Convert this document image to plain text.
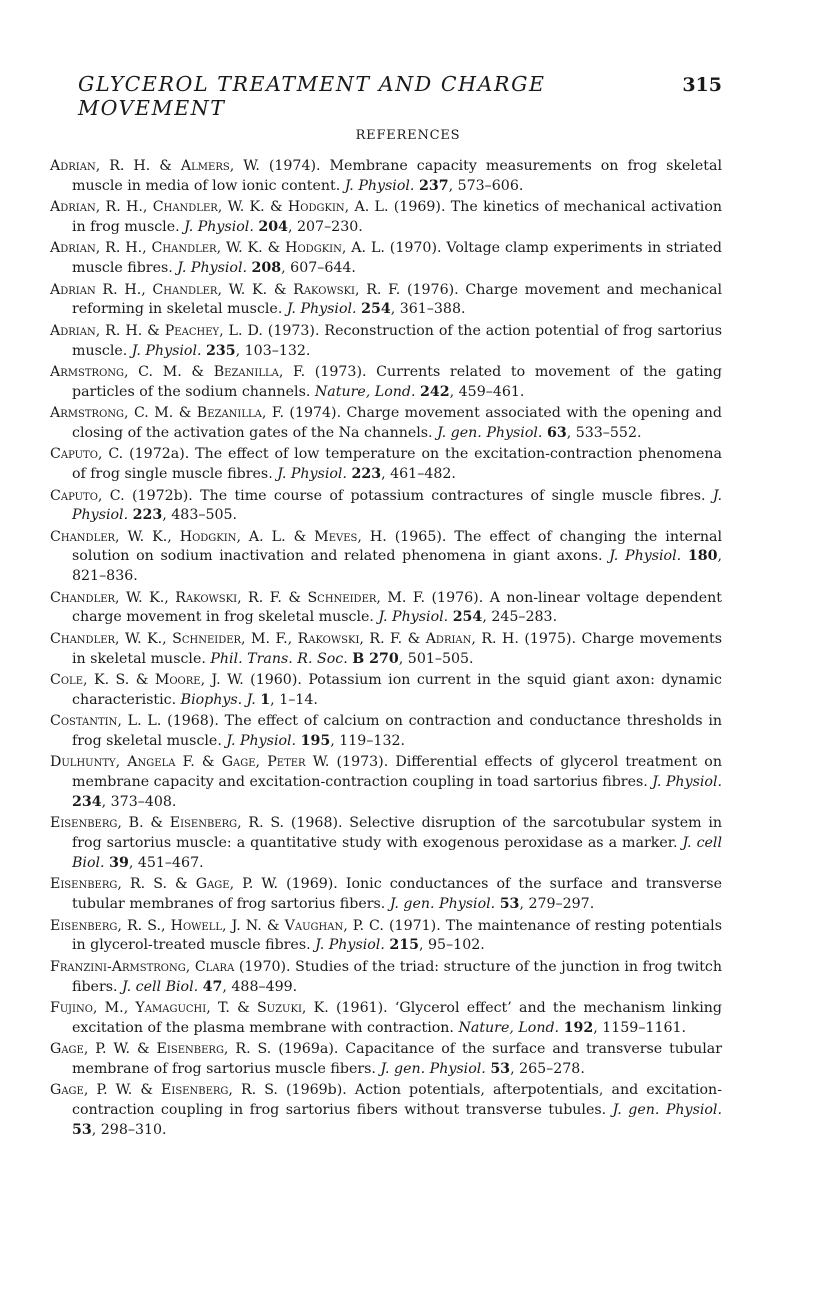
GLYCEROL TREATMENT AND CHARGE MOVEMENT
315
REFERENCES

Adrian, R. H. & Almers, W. (1974). Membrane capacity measurements on frog skeletal muscle in media of low ionic content. J. Physiol. 237, 573–606.

Adrian, R. H., Chandler, W. K. & Hodgkin, A. L. (1969). The kinetics of mechanical activation in frog muscle. J. Physiol. 204, 207–230.

Adrian, R. H., Chandler, W. K. & Hodgkin, A. L. (1970). Voltage clamp experiments in striated muscle fibres. J. Physiol. 208, 607–644.

Adrian R. H., Chandler, W. K. & Rakowski, R. F. (1976). Charge movement and mechanical reforming in skeletal muscle. J. Physiol. 254, 361–388.

Adrian, R. H. & Peachey, L. D. (1973). Reconstruction of the action potential of frog sartorius muscle. J. Physiol. 235, 103–132.

Armstrong, C. M. & Bezanilla, F. (1973). Currents related to movement of the gating particles of the sodium channels. Nature, Lond. 242, 459–461.

Armstrong, C. M. & Bezanilla, F. (1974). Charge movement associated with the opening and closing of the activation gates of the Na channels. J. gen. Physiol. 63, 533–552.

Caputo, C. (1972a). The effect of low temperature on the excitation-contraction phenomena of frog single muscle fibres. J. Physiol. 223, 461–482.

Caputo, C. (1972b). The time course of potassium contractures of single muscle fibres. J. Physiol. 223, 483–505.

Chandler, W. K., Hodgkin, A. L. & Meves, H. (1965). The effect of changing the internal solution on sodium inactivation and related phenomena in giant axons. J. Physiol. 180, 821–836.

Chandler, W. K., Rakowski, R. F. & Schneider, M. F. (1976). A non-linear voltage dependent charge movement in frog skeletal muscle. J. Physiol. 254, 245–283.

Chandler, W. K., Schneider, M. F., Rakowski, R. F. & Adrian, R. H. (1975). Charge movements in skeletal muscle. Phil. Trans. R. Soc. B 270, 501–505.

Cole, K. S. & Moore, J. W. (1960). Potassium ion current in the squid giant axon: dynamic characteristic. Biophys. J. 1, 1–14.

Costantin, L. L. (1968). The effect of calcium on contraction and conductance thresholds in frog skeletal muscle. J. Physiol. 195, 119–132.

Dulhunty, Angela F. & Gage, Peter W. (1973). Differential effects of glycerol treatment on membrane capacity and excitation-contraction coupling in toad sartorius fibres. J. Physiol. 234, 373–408.

Eisenberg, B. & Eisenberg, R. S. (1968). Selective disruption of the sarcotubular system in frog sartorius muscle: a quantitative study with exogenous peroxidase as a marker. J. cell Biol. 39, 451–467.

Eisenberg, R. S. & Gage, P. W. (1969). Ionic conductances of the surface and transverse tubular membranes of frog sartorius fibers. J. gen. Physiol. 53, 279–297.

Eisenberg, R. S., Howell, J. N. & Vaughan, P. C. (1971). The maintenance of resting potentials in glycerol-treated muscle fibres. J. Physiol. 215, 95–102.

Franzini-Armstrong, Clara (1970). Studies of the triad: structure of the junction in frog twitch fibers. J. cell Biol. 47, 488–499.

Fujino, M., Yamaguchi, T. & Suzuki, K. (1961). ‘Glycerol effect’ and the mechanism linking excitation of the plasma membrane with contraction. Nature, Lond. 192, 1159–1161.

Gage, P. W. & Eisenberg, R. S. (1969a). Capacitance of the surface and transverse tubular membrane of frog sartorius muscle fibers. J. gen. Physiol. 53, 265–278.

Gage, P. W. & Eisenberg, R. S. (1969b). Action potentials, afterpotentials, and excitation-contraction coupling in frog sartorius fibers without transverse tubules. J. gen. Physiol. 53, 298–310.
